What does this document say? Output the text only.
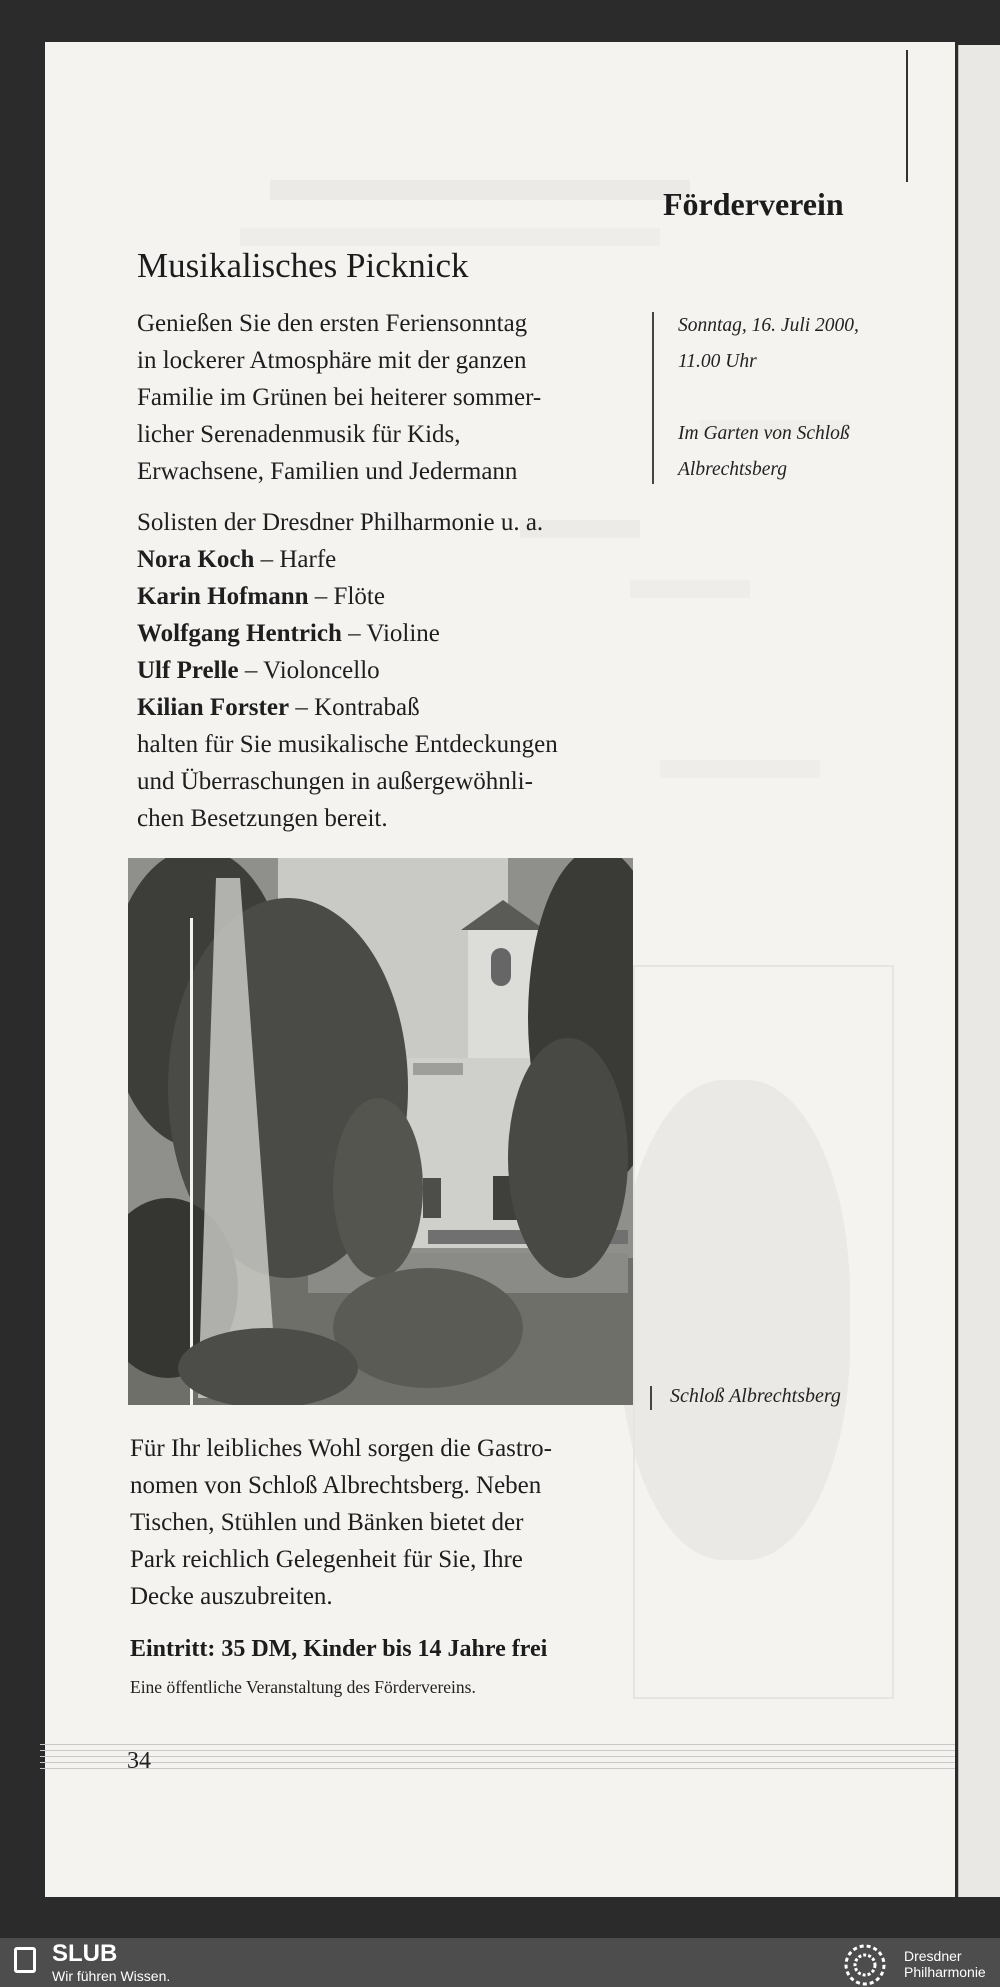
Förderverein
Musikalisches Picknick
Genießen Sie den ersten Feriensonntag
in lockerer Atmosphäre mit der ganzen
Familie im Grünen bei heiterer sommer-
licher Serenadenmusik für Kids,
Erwachsene, Familien und Jedermann
Sonntag, 16. Juli 2000,
11.00 Uhr
Im Garten von Schloß
Albrechtsberg
Solisten der Dresdner Philharmonie u. a.
Nora Koch – Harfe
Karin Hofmann – Flöte
Wolfgang Hentrich – Violine
Ulf Prelle – Violoncello
Kilian Forster – Kontrabaß
halten für Sie musikalische Entdeckungen
und Überraschungen in außergewöhnli-
chen Besetzungen bereit.
Schloß Albrechtsberg
Für Ihr leibliches Wohl sorgen die Gastro-
nomen von Schloß Albrechtsberg. Neben
Tischen, Stühlen und Bänken bietet der
Park reichlich Gelegenheit für Sie, Ihre
Decke auszubreiten.
Eintritt: 35 DM, Kinder bis 14 Jahre frei
Eine öffentliche Veranstaltung des Fördervereins.
34
SLUB
Wir führen Wissen.
Dresdner
Philharmonie
